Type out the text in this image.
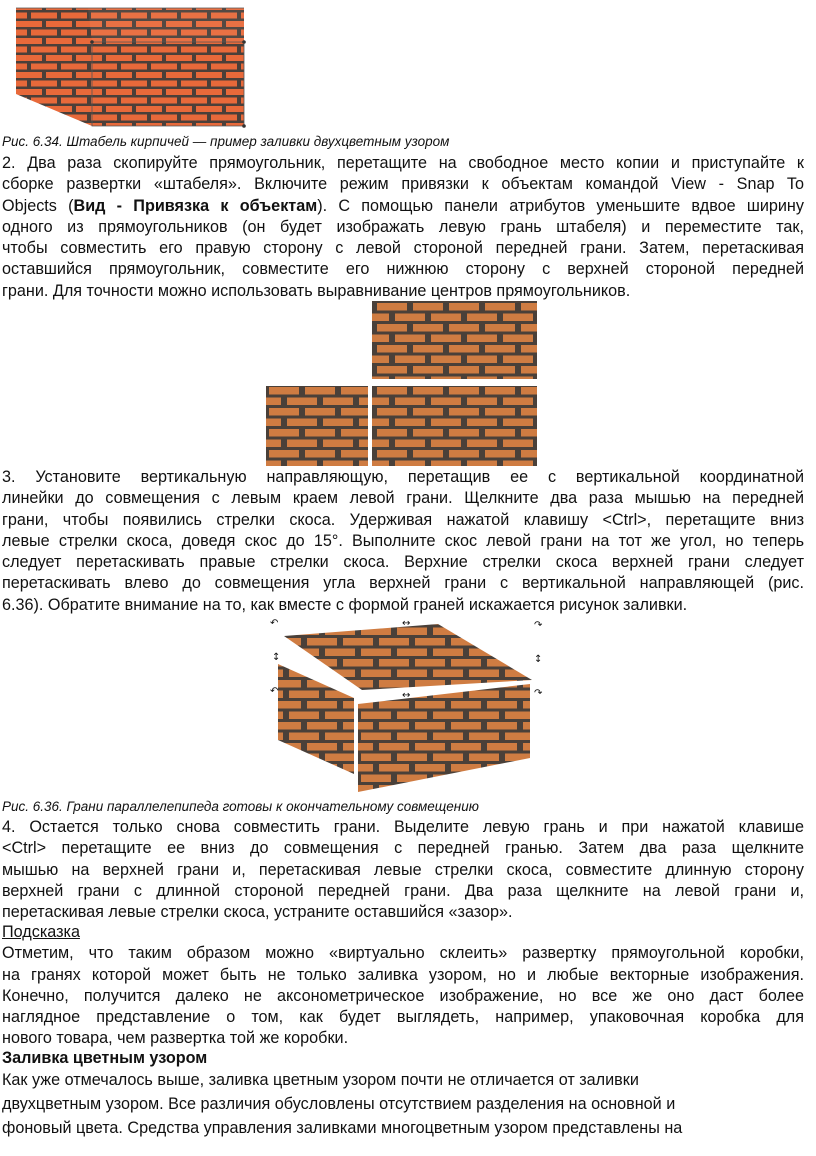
Рис. 6.34. Штабель кирпичей — пример заливки двухцветным узором
2. Два раза скопируйте прямоугольник, перетащите на свободное место копии и приступайте к
сборке развертки «штабеля». Включите режим привязки к объектам командой View - Snap To
Objects (Вид - Привязка к объектам). С помощью панели атрибутов уменьшите вдвое ширину
одного из прямоугольников (он будет изображать левую грань штабеля) и переместите так,
чтобы совместить его правую сторону с левой стороной передней грани. Затем, перетаскивая
оставшийся прямоугольник, совместите его нижнюю сторону с верхней стороной передней
грани. Для точности можно использовать выравнивание центров прямоугольников.
3. Установите вертикальную направляющую, перетащив ее с вертикальной координатной
линейки до совмещения с левым краем левой грани. Щелкните два раза мышью на передней
грани, чтобы появились стрелки скоса. Удерживая нажатой клавишу <Ctrl>, перетащите вниз
левые стрелки скоса, доведя скос до 15°. Выполните скос левой грани на тот же угол, но теперь
следует перетаскивать правые стрелки скоса. Верхние стрелки скоса верхней грани следует
перетаскивать влево до совмещения угла верхней грани с вертикальной направляющей (рис.
6.36). Обратите внимание на то, как вместе с формой граней искажается рисунок заливки.
↶	↔	↷
↕
↕
↔	↷
↶
Рис. 6.36. Грани параллелепипеда готовы к окончательному совмещению
4. Остается только снова совместить грани. Выделите левую грань и при нажатой клавише
<Ctrl> перетащите ее вниз до совмещения с передней гранью. Затем два раза щелкните
мышью на верхней грани и, перетаскивая левые стрелки скоса, совместите длинную сторону
верхней грани с длинной стороной передней грани. Два раза щелкните на левой грани и,
перетаскивая левые стрелки скоса, устраните оставшийся «зазор».
Подсказка
Отметим, что таким образом можно «виртуально склеить» развертку прямоугольной коробки,
на гранях которой может быть не только заливка узором, но и любые векторные изображения.
Конечно, получится далеко не аксонометрическое изображение, но все же оно даст более
наглядное представление о том, как будет выглядеть, например, упаковочная коробка для
нового товара, чем развертка той же коробки.
Заливка цветным узором
Как уже отмечалось выше, заливка цветным узором почти не отличается от заливки
двухцветным узором. Все различия обусловлены отсутствием разделения на основной и
фоновый цвета. Средства управления заливками многоцветным узором представлены на
